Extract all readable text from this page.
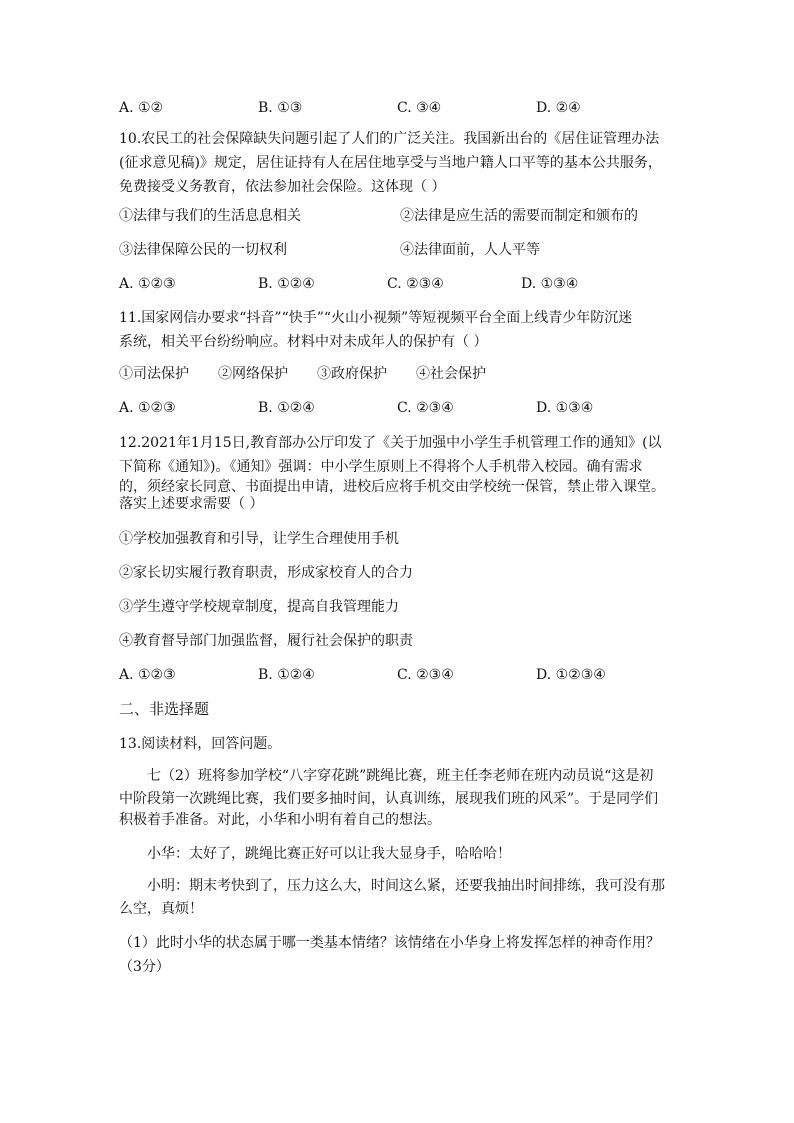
A. ①②	B. ①③	C. ③④	D. ②④
10.农民工的社会保障缺失问题引起了人们的广泛关注。我国新出台的《居住证管理办法
(征求意见稿)》规定，居住证持有人在居住地享受与当地户籍人口平等的基本公共服务，
免费接受义务教育，依法参加社会保险。这体现（ ）
①法律与我们的生活息息相关	②法律是应生活的需要而制定和颁布的
③法律保障公民的一切权利	④法律面前，人人平等
A. ①②③	B. ①②④	C. ②③④	D. ①③④
11.国家网信办要求“抖音”“快手”“火山小视频”等短视频平台全面上线青少年防沉迷
系统，相关平台纷纷响应。材料中对未成年人的保护有（ ）
①司法保护 ②网络保护 ③政府保护 ④社会保护
A. ①②③	B. ①②④	C. ②③④	D. ①③④
12.2021年1月15日,教育部办公厅印发了《关于加强中小学生手机管理工作的通知》(以
下简称《通知》)。《通知》强调：中小学生原则上不得将个人手机带入校园。确有需求
的，须经家长同意、书面提出申请，进校后应将手机交由学校统一保管，禁止带入课堂。
落实上述要求需要（ ）
①学校加强教育和引导，让学生合理使用手机
②家长切实履行教育职责，形成家校育人的合力
③学生遵守学校规章制度，提高自我管理能力
④教育督导部门加强监督，履行社会保护的职责
A. ①②③	B. ①②④	C. ②③④	D. ①②③④
二、非选择题
13.阅读材料，回答问题。
七（2）班将参加学校“八字穿花跳”跳绳比赛，班主任李老师在班内动员说“这是初
中阶段第一次跳绳比赛，我们要多抽时间，认真训练，展现我们班的风采”。于是同学们
积极着手准备。对此，小华和小明有着自己的想法。
小华：太好了，跳绳比赛正好可以让我大显身手，哈哈哈！
小明：期末考快到了，压力这么大，时间这么紧，还要我抽出时间排练，我可没有那
么空，真烦！
（1）此时小华的状态属于哪一类基本情绪？该情绪在小华身上将发挥怎样的神奇作用？
（3分）
